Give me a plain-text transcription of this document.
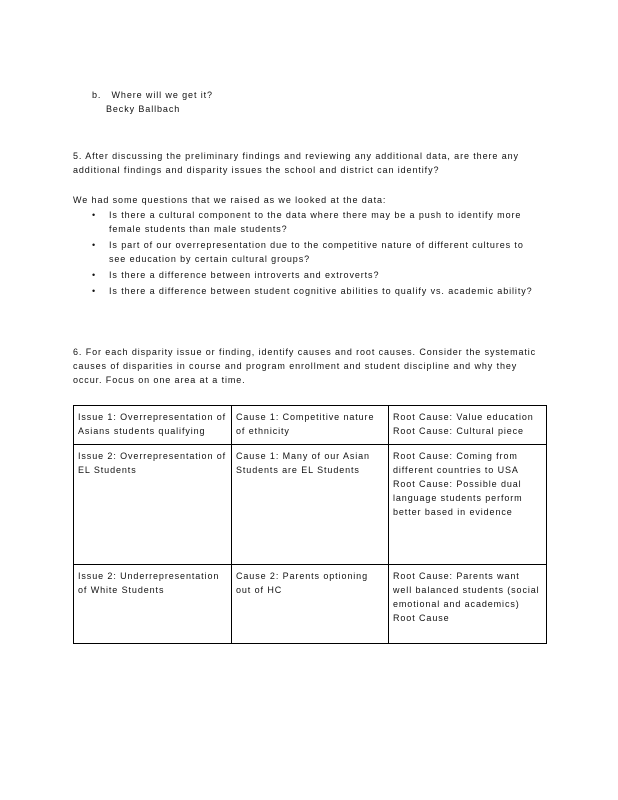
b. Where will we get it?
Becky Ballbach
5. After discussing the preliminary findings and reviewing any additional data, are there any additional findings and disparity issues the school and district can identify?
We had some questions that we raised as we looked at the data:
• Is there a cultural component to the data where there may be a push to identify more female students than male students?
• Is part of our overrepresentation due to the competitive nature of different cultures to see education by certain cultural groups?
• Is there a difference between introverts and extroverts?
• Is there a difference between student cognitive abilities to qualify vs. academic ability?
6. For each disparity issue or finding, identify causes and root causes. Consider the systematic causes of disparities in course and program enrollment and student discipline and why they occur. Focus on one area at a time.
Issue 1: Overrepresentation of Asians students qualifying	Cause 1: Competitive nature of ethnicity	Root Cause: Value education
Root Cause: Cultural piece

Issue 2: Overrepresentation of EL Students	Cause 1: Many of our Asian Students are EL Students	Root Cause: Coming from different countries to USA
Root Cause: Possible dual language students perform better based in evidence

Issue 2: Underrepresentation of White Students	Cause 2: Parents optioning out of HC	Root Cause: Parents want well balanced students (social emotional and academics)
Root Cause
